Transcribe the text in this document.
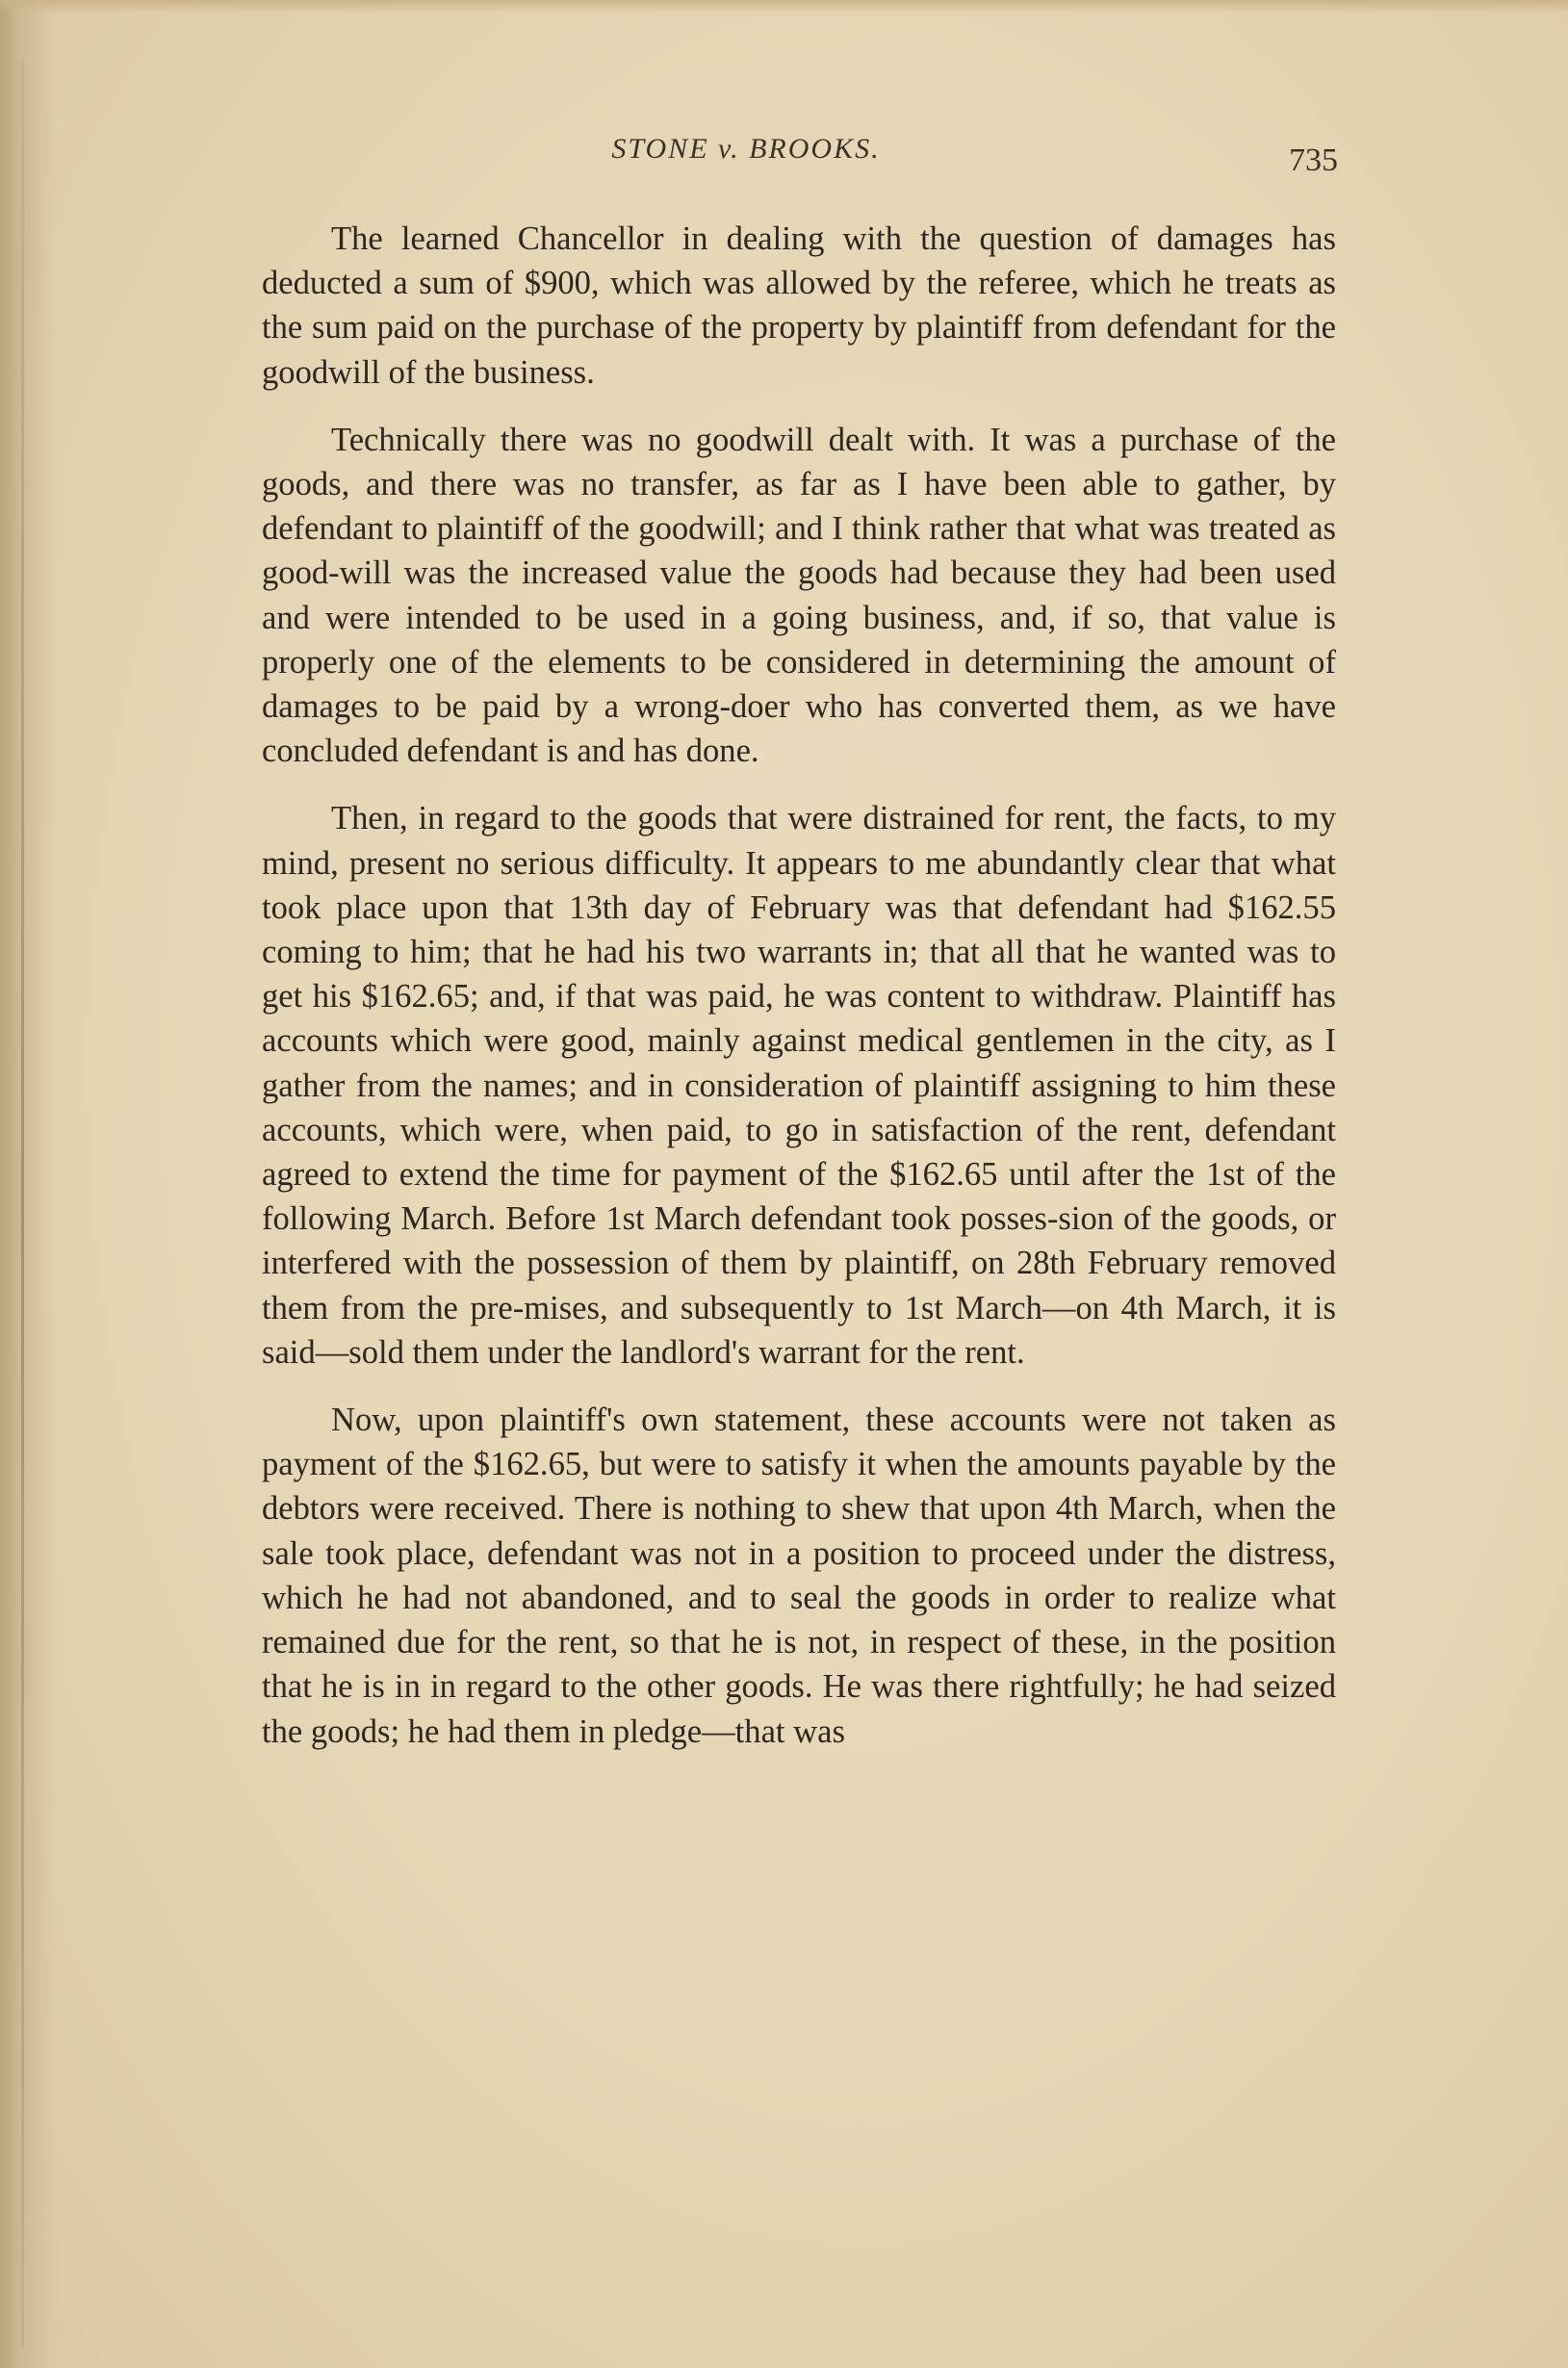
STONE v. BROOKS.	735

The learned Chancellor in dealing with the question of damages has deducted a sum of $900, which was allowed by the referee, which he treats as the sum paid on the purchase of the property by plaintiff from defendant for the goodwill of the business.

Technically there was no goodwill dealt with. It was a purchase of the goods, and there was no transfer, as far as I have been able to gather, by defendant to plaintiff of the goodwill; and I think rather that what was treated as good-will was the increased value the goods had because they had been used and were intended to be used in a going business, and, if so, that value is properly one of the elements to be considered in determining the amount of damages to be paid by a wrong-doer who has converted them, as we have concluded defendant is and has done.

Then, in regard to the goods that were distrained for rent, the facts, to my mind, present no serious difficulty. It appears to me abundantly clear that what took place upon that 13th day of February was that defendant had $162.55 coming to him; that he had his two warrants in; that all that he wanted was to get his $162.65; and, if that was paid, he was content to withdraw. Plaintiff has accounts which were good, mainly against medical gentlemen in the city, as I gather from the names; and in consideration of plaintiff assigning to him these accounts, which were, when paid, to go in satisfaction of the rent, defendant agreed to extend the time for payment of the $162.65 until after the 1st of the following March. Before 1st March defendant took posses-sion of the goods, or interfered with the possession of them by plaintiff, on 28th February removed them from the pre-mises, and subsequently to 1st March—on 4th March, it is said—sold them under the landlord's warrant for the rent.

Now, upon plaintiff's own statement, these accounts were not taken as payment of the $162.65, but were to satisfy it when the amounts payable by the debtors were received. There is nothing to shew that upon 4th March, when the sale took place, defendant was not in a position to proceed under the distress, which he had not abandoned, and to seal the goods in order to realize what remained due for the rent, so that he is not, in respect of these, in the position that he is in in regard to the other goods. He was there rightfully; he had seized the goods; he had them in pledge—that was
